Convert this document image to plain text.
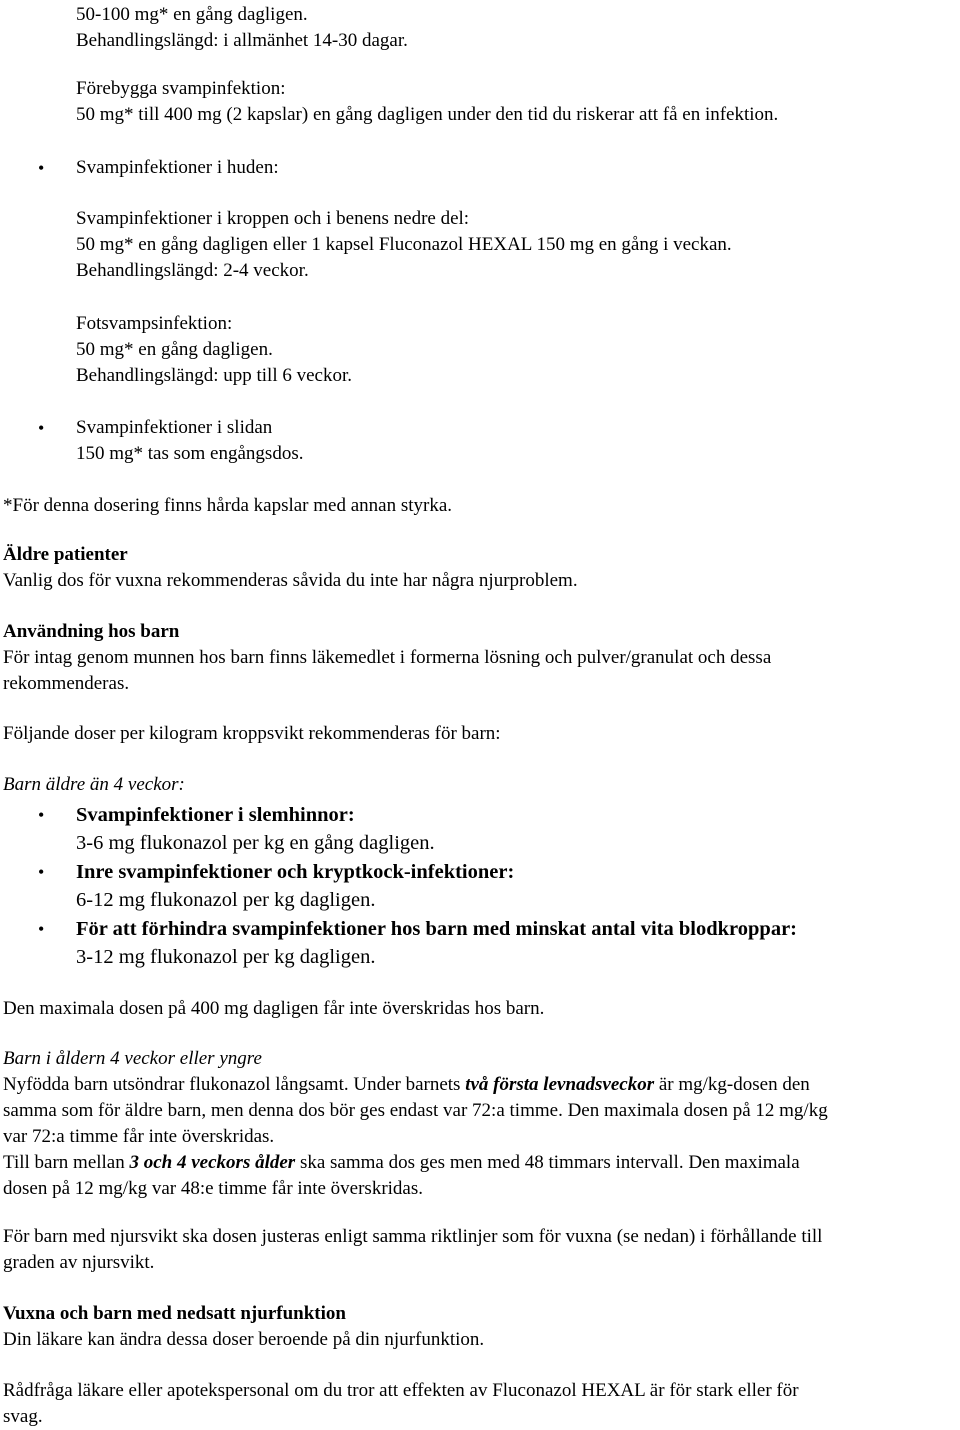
50-100 mg* en gång dagligen.
Behandlingslängd: i allmänhet 14-30 dagar.
Förebygga svampinfektion:
50 mg* till 400 mg (2 kapslar) en gång dagligen under den tid du riskerar att få en infektion.
• Svampinfektioner i huden:
Svampinfektioner i kroppen och i benens nedre del:
50 mg* en gång dagligen eller 1 kapsel Fluconazol HEXAL 150 mg en gång i veckan.
Behandlingslängd: 2-4 veckor.
Fotsvampsinfektion:
50 mg* en gång dagligen.
Behandlingslängd: upp till 6 veckor.
• Svampinfektioner i slidan
150 mg* tas som engångsdos.
*För denna dosering finns hårda kapslar med annan styrka.
Äldre patienter
Vanlig dos för vuxna rekommenderas såvida du inte har några njurproblem.
Användning hos barn
För intag genom munnen hos barn finns läkemedlet i formerna lösning och pulver/granulat och dessa
rekommenderas.
Följande doser per kilogram kroppsvikt rekommenderas för barn:
Barn äldre än 4 veckor:
• Svampinfektioner i slemhinnor:
3-6 mg flukonazol per kg en gång dagligen.
• Inre svampinfektioner och kryptkock-infektioner:
6-12 mg flukonazol per kg dagligen.
• För att förhindra svampinfektioner hos barn med minskat antal vita blodkroppar:
3-12 mg flukonazol per kg dagligen.
Den maximala dosen på 400 mg dagligen får inte överskridas hos barn.
Barn i åldern 4 veckor eller yngre
Nyfödda barn utsöndrar flukonazol långsamt. Under barnets två första levnadsveckor är mg/kg-dosen den
samma som för äldre barn, men denna dos bör ges endast var 72:a timme. Den maximala dosen på 12 mg/kg
var 72:a timme får inte överskridas.
Till barn mellan 3 och 4 veckors ålder ska samma dos ges men med 48 timmars intervall. Den maximala
dosen på 12 mg/kg var 48:e timme får inte överskridas.
För barn med njursvikt ska dosen justeras enligt samma riktlinjer som för vuxna (se nedan) i förhållande till
graden av njursvikt.
Vuxna och barn med nedsatt njurfunktion
Din läkare kan ändra dessa doser beroende på din njurfunktion.
Rådfråga läkare eller apotekspersonal om du tror att effekten av Fluconazol HEXAL är för stark eller för
svag.
